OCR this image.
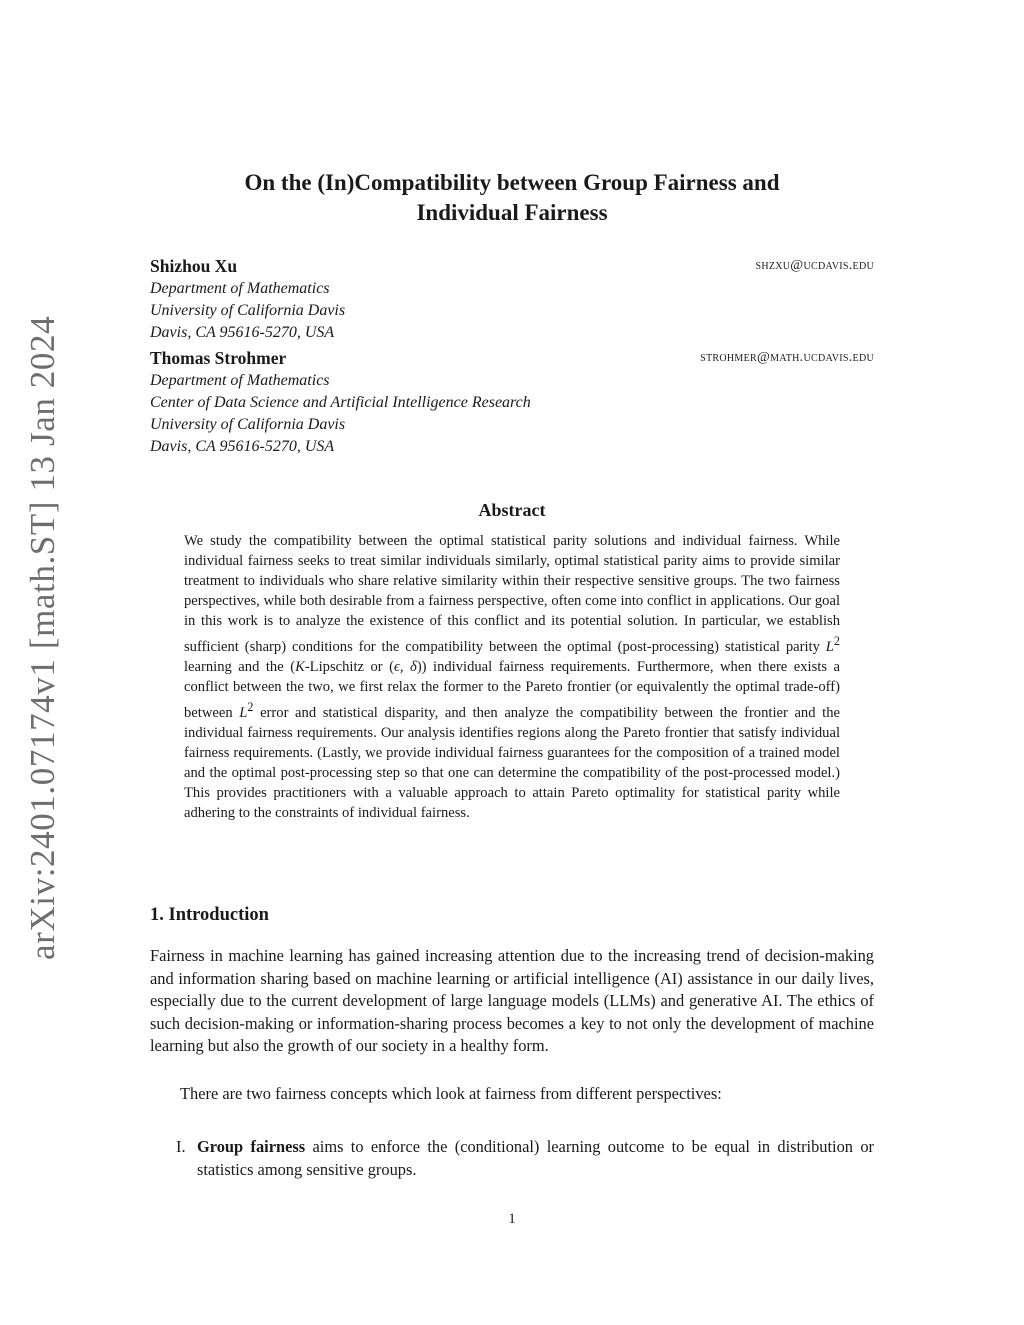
arXiv:2401.07174v1 [math.ST] 13 Jan 2024
On the (In)Compatibility between Group Fairness and
Individual Fairness
Shizhou Xu	shzxu@ucdavis.edu
Department of Mathematics
University of California Davis
Davis, CA 95616-5270, USA
Thomas Strohmer	strohmer@math.ucdavis.edu
Department of Mathematics
Center of Data Science and Artificial Intelligence Research
University of California Davis
Davis, CA 95616-5270, USA
Abstract
We study the compatibility between the optimal statistical parity solutions and individual fairness. While individual fairness seeks to treat similar individuals similarly, optimal statistical parity aims to provide similar treatment to individuals who share relative similarity within their respective sensitive groups. The two fairness perspectives, while both desirable from a fairness perspective, often come into conflict in applications. Our goal in this work is to analyze the existence of this conflict and its potential solution. In particular, we establish sufficient (sharp) conditions for the compatibility between the optimal (post-processing) statistical parity $L^2$ learning and the (K-Lipschitz or (ϵ, δ)) individual fairness requirements. Furthermore, when there exists a conflict between the two, we first relax the former to the Pareto frontier (or equivalently the optimal trade-off) between $L^2$ error and statistical disparity, and then analyze the compatibility between the frontier and the individual fairness requirements. Our analysis identifies regions along the Pareto frontier that satisfy individual fairness requirements. (Lastly, we provide individual fairness guarantees for the composition of a trained model and the optimal post-processing step so that one can determine the compatibility of the post-processed model.) This provides practitioners with a valuable approach to attain Pareto optimality for statistical parity while adhering to the constraints of individual fairness.
1. Introduction
Fairness in machine learning has gained increasing attention due to the increasing trend of decision-making and information sharing based on machine learning or artificial intelligence (AI) assistance in our daily lives, especially due to the current development of large language models (LLMs) and generative AI. The ethics of such decision-making or information-sharing process becomes a key to not only the development of machine learning but also the growth of our society in a healthy form.
There are two fairness concepts which look at fairness from different perspectives:
I. Group fairness aims to enforce the (conditional) learning outcome to be equal in distribution or statistics among sensitive groups.
1
